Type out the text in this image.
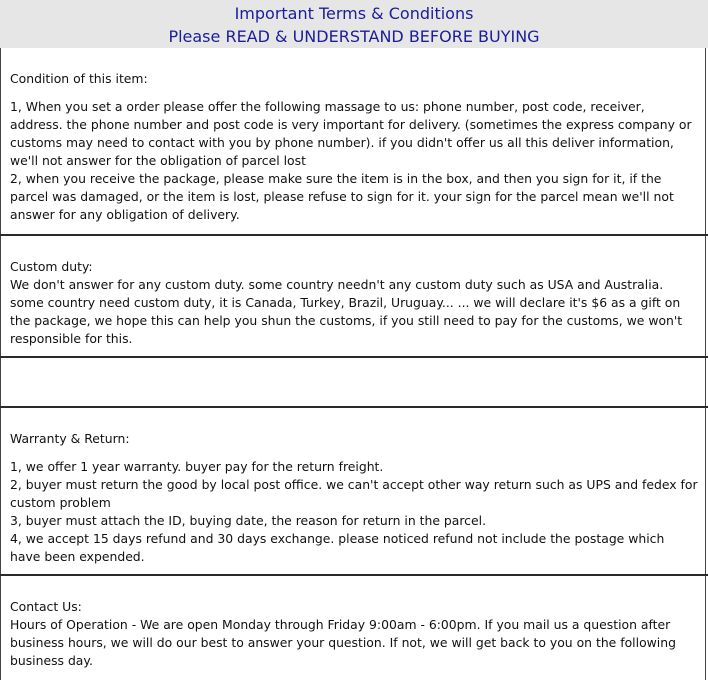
Important Terms & Conditions
Please READ & UNDERSTAND BEFORE BUYING

Condition of this item:

1, When you set a order please offer the following massage to us: phone number, post code, receiver, address. the phone number and post code is very important for delivery. (sometimes the express company or customs may need to contact with you by phone number). if you didn't offer us all this deliver information, we'll not answer for the obligation of parcel lost

2, when you receive the package, please make sure the item is in the box, and then you sign for it, if the parcel was damaged, or the item is lost, please refuse to sign for it. your sign for the parcel mean we'll not answer for any obligation of delivery.

Custom duty:

We don't answer for any custom duty. some country needn't any custom duty such as USA and Australia. some country need custom duty, it is Canada, Turkey, Brazil, Uruguay... ... we will declare it's $6 as a gift on the package, we hope this can help you shun the customs, if you still need to pay for the customs, we won't responsible for this.

Warranty & Return:

1, we offer 1 year warranty. buyer pay for the return freight.

2, buyer must return the good by local post office. we can't accept other way return such as UPS and fedex for custom problem

3, buyer must attach the ID, buying date, the reason for return in the parcel.

4, we accept 15 days refund and 30 days exchange. please noticed refund not include the postage which have been expended.

Contact Us:

Hours of Operation - We are open Monday through Friday 9:00am - 6:00pm. If you mail us a question after business hours, we will do our best to answer your question. If not, we will get back to you on the following business day.
